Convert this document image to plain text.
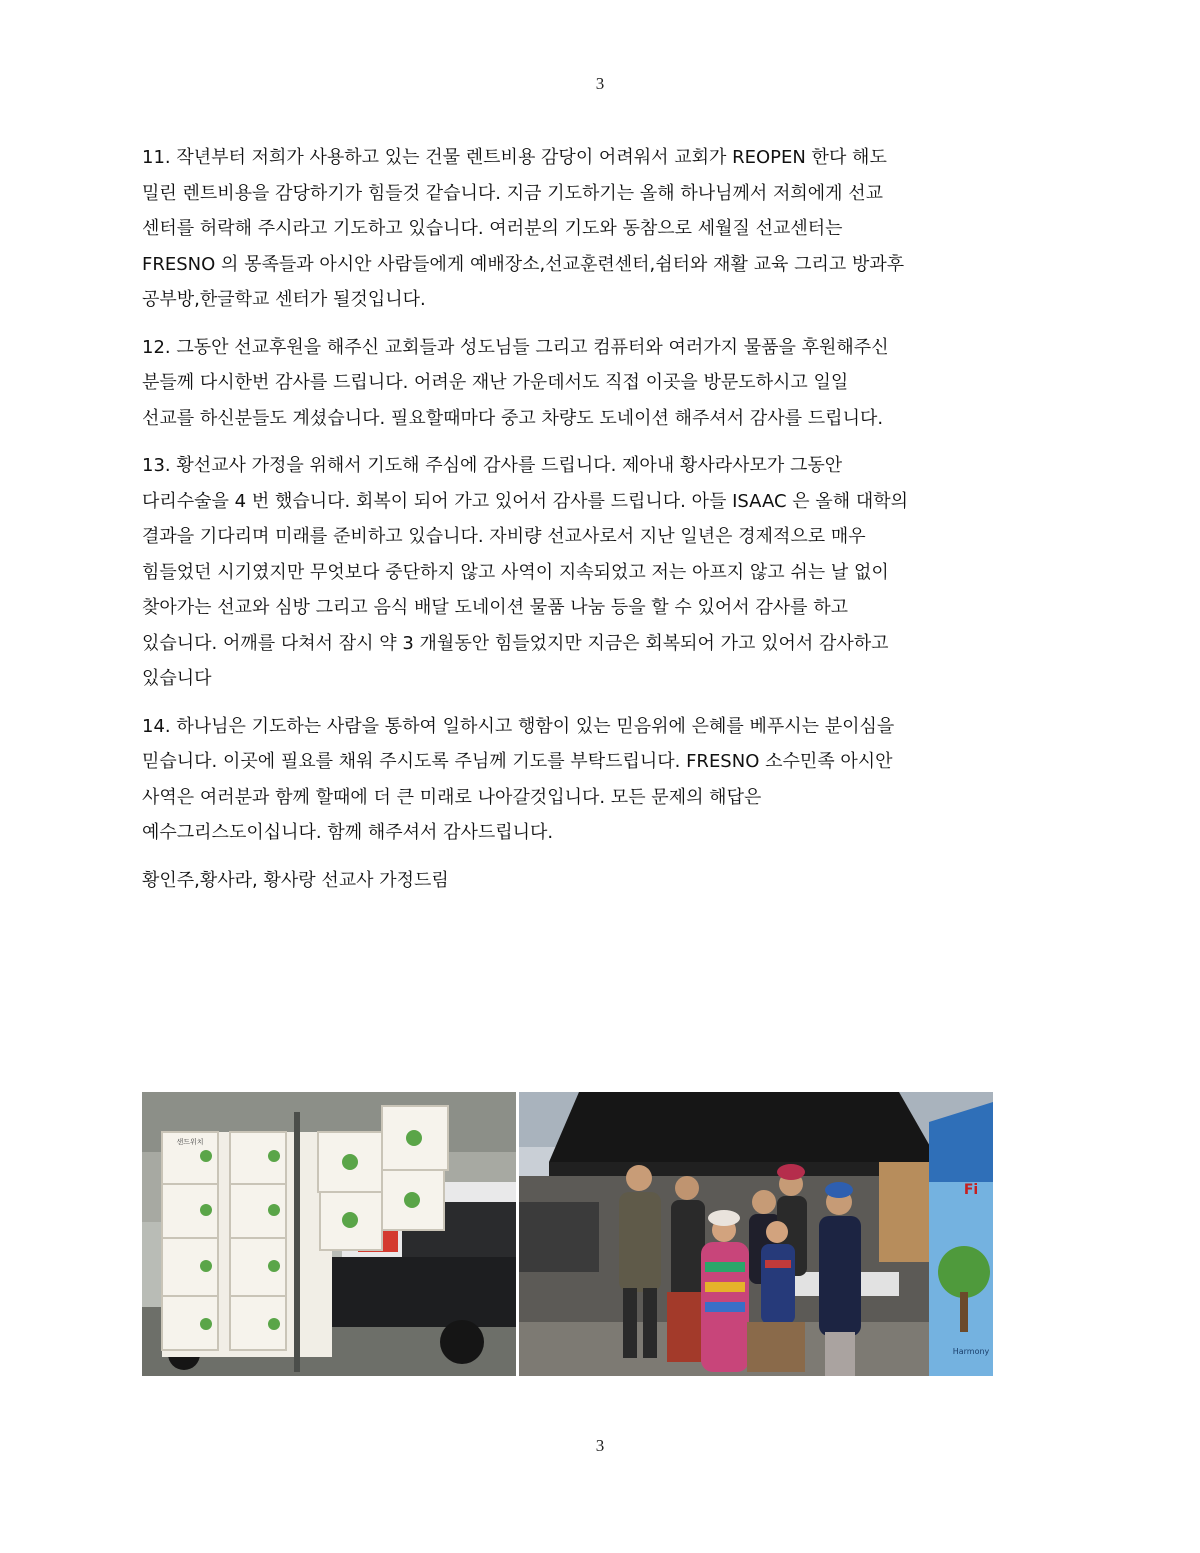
3

11. 작년부터 저희가 사용하고 있는 건물 렌트비용 감당이 어려워서 교회가 REOPEN 한다 해도
밀린 렌트비용을 감당하기가 힘들것 같습니다. 지금 기도하기는 올해 하나님께서 저희에게 선교
센터를 허락해 주시라고 기도하고 있습니다. 여러분의 기도와 동참으로 세월질 선교센터는
FRESNO 의 몽족들과 아시안 사람들에게 예배장소,선교훈련센터,쉼터와 재활 교육 그리고 방과후
공부방,한글학교 센터가 될것입니다.

12. 그동안 선교후원을 해주신 교회들과 성도님들 그리고 컴퓨터와 여러가지 물품을 후원해주신
분들께 다시한번 감사를 드립니다. 어려운 재난 가운데서도 직접 이곳을 방문도하시고 일일
선교를 하신분들도 계셨습니다. 필요할때마다 중고 차량도 도네이션 해주셔서 감사를 드립니다.

13. 황선교사 가정을 위해서 기도해 주심에 감사를 드립니다. 제아내 황사라사모가 그동안
다리수술을 4 번 했습니다. 회복이 되어 가고 있어서 감사를 드립니다. 아들 ISAAC 은 올해 대학의
결과을 기다리며 미래를 준비하고 있습니다. 자비량 선교사로서 지난 일년은 경제적으로 매우
힘들었던 시기였지만 무엇보다 중단하지 않고 사역이 지속되었고 저는 아프지 않고 쉬는 날 없이
찾아가는 선교와 심방 그리고 음식 배달 도네이션 물품 나눔 등을 할 수 있어서 감사를 하고
있습니다. 어깨를 다쳐서 잠시 약 3 개월동안 힘들었지만 지금은 회복되어 가고 있어서 감사하고
있습니다

14. 하나님은 기도하는 사람을 통하여 일하시고 행함이 있는 믿음위에 은혜를 베푸시는 분이심을
믿습니다. 이곳에 필요를 채워 주시도록 주님께 기도를 부탁드립니다. FRESNO 소수민족 아시안
사역은 여러분과 함께 할때에 더 큰 미래로 나아갈것입니다. 모든 문제의 해답은
예수그리스도이십니다. 함께 해주셔서 감사드립니다.

황인주,황사라, 황사랑 선교사 가정드림

샌드위치
Fi
Harmony
3
